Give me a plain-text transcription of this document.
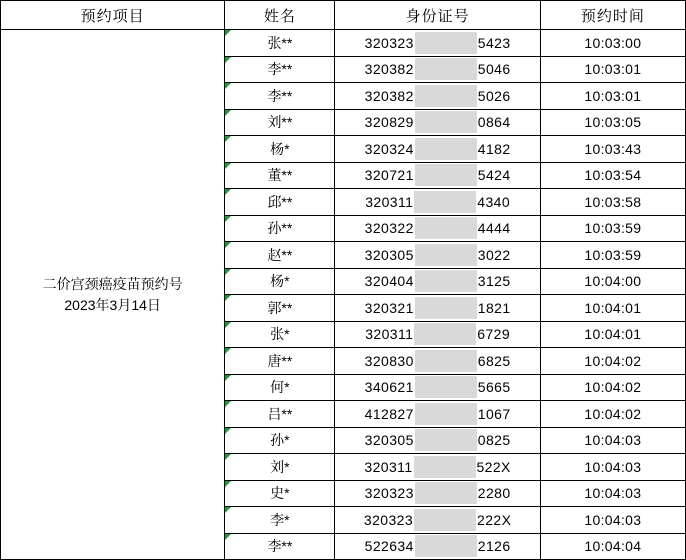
预约项目	姓名	身份证号	预约时间

二价宫颈癌疫苗预约号
2023年3月14日	张**	320323 5423	10:03:00
	李**	320382 5046	10:03:01
	李**	320382 5026	10:03:01
	刘**	320829 0864	10:03:05
	杨*	320324 4182	10:03:43
	董**	320721 5424	10:03:54
	邱**	320311 4340	10:03:58
	孙**	320322 4444	10:03:59
	赵**	320305 3022	10:03:59
	杨*	320404 3125	10:04:00
	郭**	320321 1821	10:04:01
	张*	320311 6729	10:04:01
	唐**	320830 6825	10:04:02
	何*	340621 5665	10:04:02
	吕**	412827 1067	10:04:02
	孙*	320305 0825	10:04:03
	刘*	320311 522X	10:04:03
	史*	320323 2280	10:04:03
	李*	320323 222X	10:04:03
	李**	522634 2126	10:04:04
